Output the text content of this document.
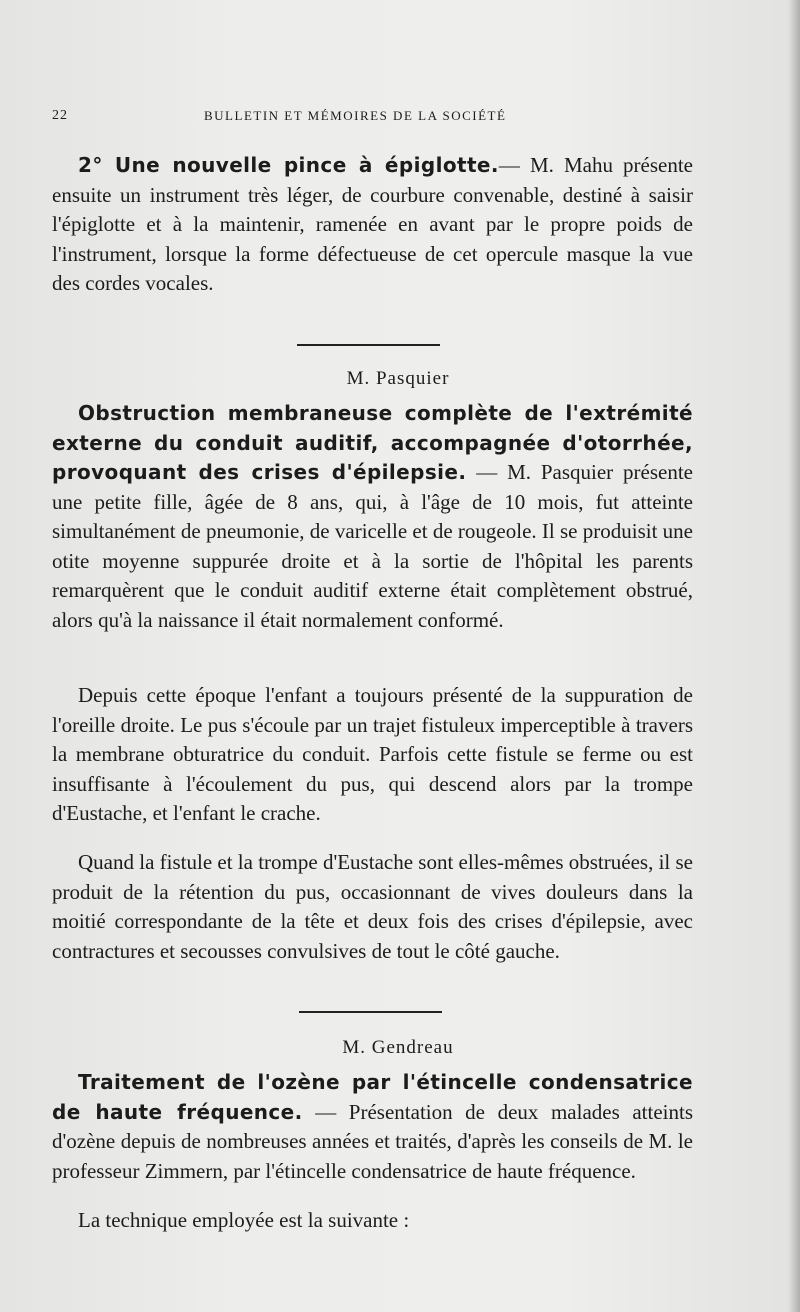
22	BULLETIN ET MÉMOIRES DE LA SOCIÉTÉ

2° Une nouvelle pince à épiglotte.— M. Mahu présente ensuite un instrument très léger, de courbure convenable, destiné à saisir l'épiglotte et à la maintenir, ramenée en avant par le propre poids de l'instrument, lorsque la forme défectueuse de cet opercule masque la vue des cordes vocales.

M. Pasquier

Obstruction membraneuse complète de l'extrémité externe du conduit auditif, accompagnée d'otorrhée, provoquant des crises d'épilepsie. — M. Pasquier présente une petite fille, âgée de 8 ans, qui, à l'âge de 10 mois, fut atteinte simultanément de pneumonie, de varicelle et de rougeole. Il se produisit une otite moyenne suppurée droite et à la sortie de l'hôpital les parents remarquèrent que le conduit auditif externe était complètement obstrué, alors qu'à la naissance il était normalement conformé.

Depuis cette époque l'enfant a toujours présenté de la suppuration de l'oreille droite. Le pus s'écoule par un trajet fistuleux imperceptible à travers la membrane obturatrice du conduit. Parfois cette fistule se ferme ou est insuffisante à l'écoulement du pus, qui descend alors par la trompe d'Eustache, et l'enfant le crache.

Quand la fistule et la trompe d'Eustache sont elles-mêmes obstruées, il se produit de la rétention du pus, occasionnant de vives douleurs dans la moitié correspondante de la tête et deux fois des crises d'épilepsie, avec contractures et secousses convulsives de tout le côté gauche.

M. Gendreau

Traitement de l'ozène par l'étincelle condensatrice de haute fréquence. — Présentation de deux malades atteints d'ozène depuis de nombreuses années et traités, d'après les conseils de M. le professeur Zimmern, par l'étincelle condensatrice de haute fréquence.

La technique employée est la suivante :
